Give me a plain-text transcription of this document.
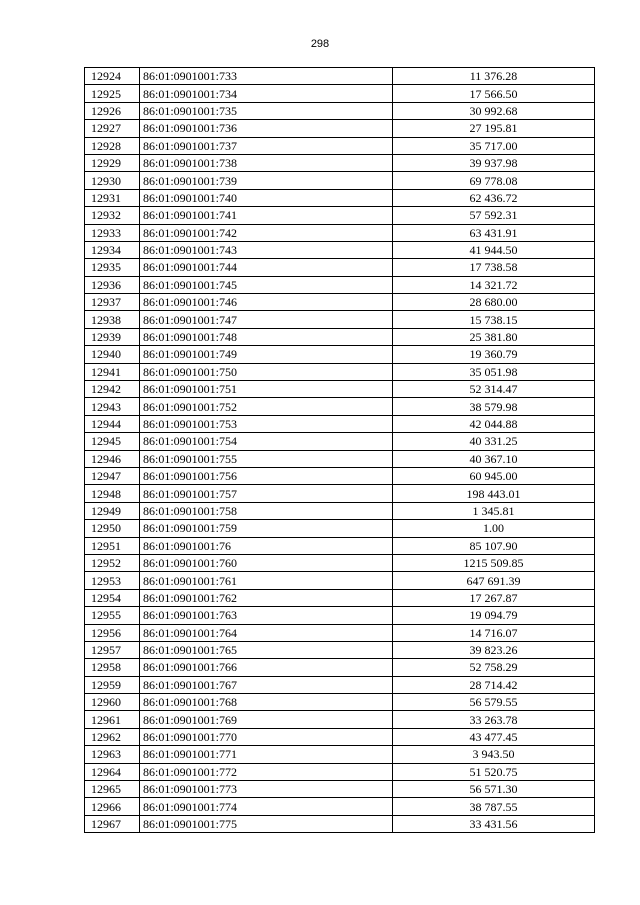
298
12924	86:01:0901001:733	11 376.28
12925	86:01:0901001:734	17 566.50
12926	86:01:0901001:735	30 992.68
12927	86:01:0901001:736	27 195.81
12928	86:01:0901001:737	35 717.00
12929	86:01:0901001:738	39 937.98
12930	86:01:0901001:739	69 778.08
12931	86:01:0901001:740	62 436.72
12932	86:01:0901001:741	57 592.31
12933	86:01:0901001:742	63 431.91
12934	86:01:0901001:743	41 944.50
12935	86:01:0901001:744	17 738.58
12936	86:01:0901001:745	14 321.72
12937	86:01:0901001:746	28 680.00
12938	86:01:0901001:747	15 738.15
12939	86:01:0901001:748	25 381.80
12940	86:01:0901001:749	19 360.79
12941	86:01:0901001:750	35 051.98
12942	86:01:0901001:751	52 314.47
12943	86:01:0901001:752	38 579.98
12944	86:01:0901001:753	42 044.88
12945	86:01:0901001:754	40 331.25
12946	86:01:0901001:755	40 367.10
12947	86:01:0901001:756	60 945.00
12948	86:01:0901001:757	198 443.01
12949	86:01:0901001:758	1 345.81
12950	86:01:0901001:759	1.00
12951	86:01:0901001:76	85 107.90
12952	86:01:0901001:760	1215 509.85
12953	86:01:0901001:761	647 691.39
12954	86:01:0901001:762	17 267.87
12955	86:01:0901001:763	19 094.79
12956	86:01:0901001:764	14 716.07
12957	86:01:0901001:765	39 823.26
12958	86:01:0901001:766	52 758.29
12959	86:01:0901001:767	28 714.42
12960	86:01:0901001:768	56 579.55
12961	86:01:0901001:769	33 263.78
12962	86:01:0901001:770	43 477.45
12963	86:01:0901001:771	3 943.50
12964	86:01:0901001:772	51 520.75
12965	86:01:0901001:773	56 571.30
12966	86:01:0901001:774	38 787.55
12967	86:01:0901001:775	33 431.56
